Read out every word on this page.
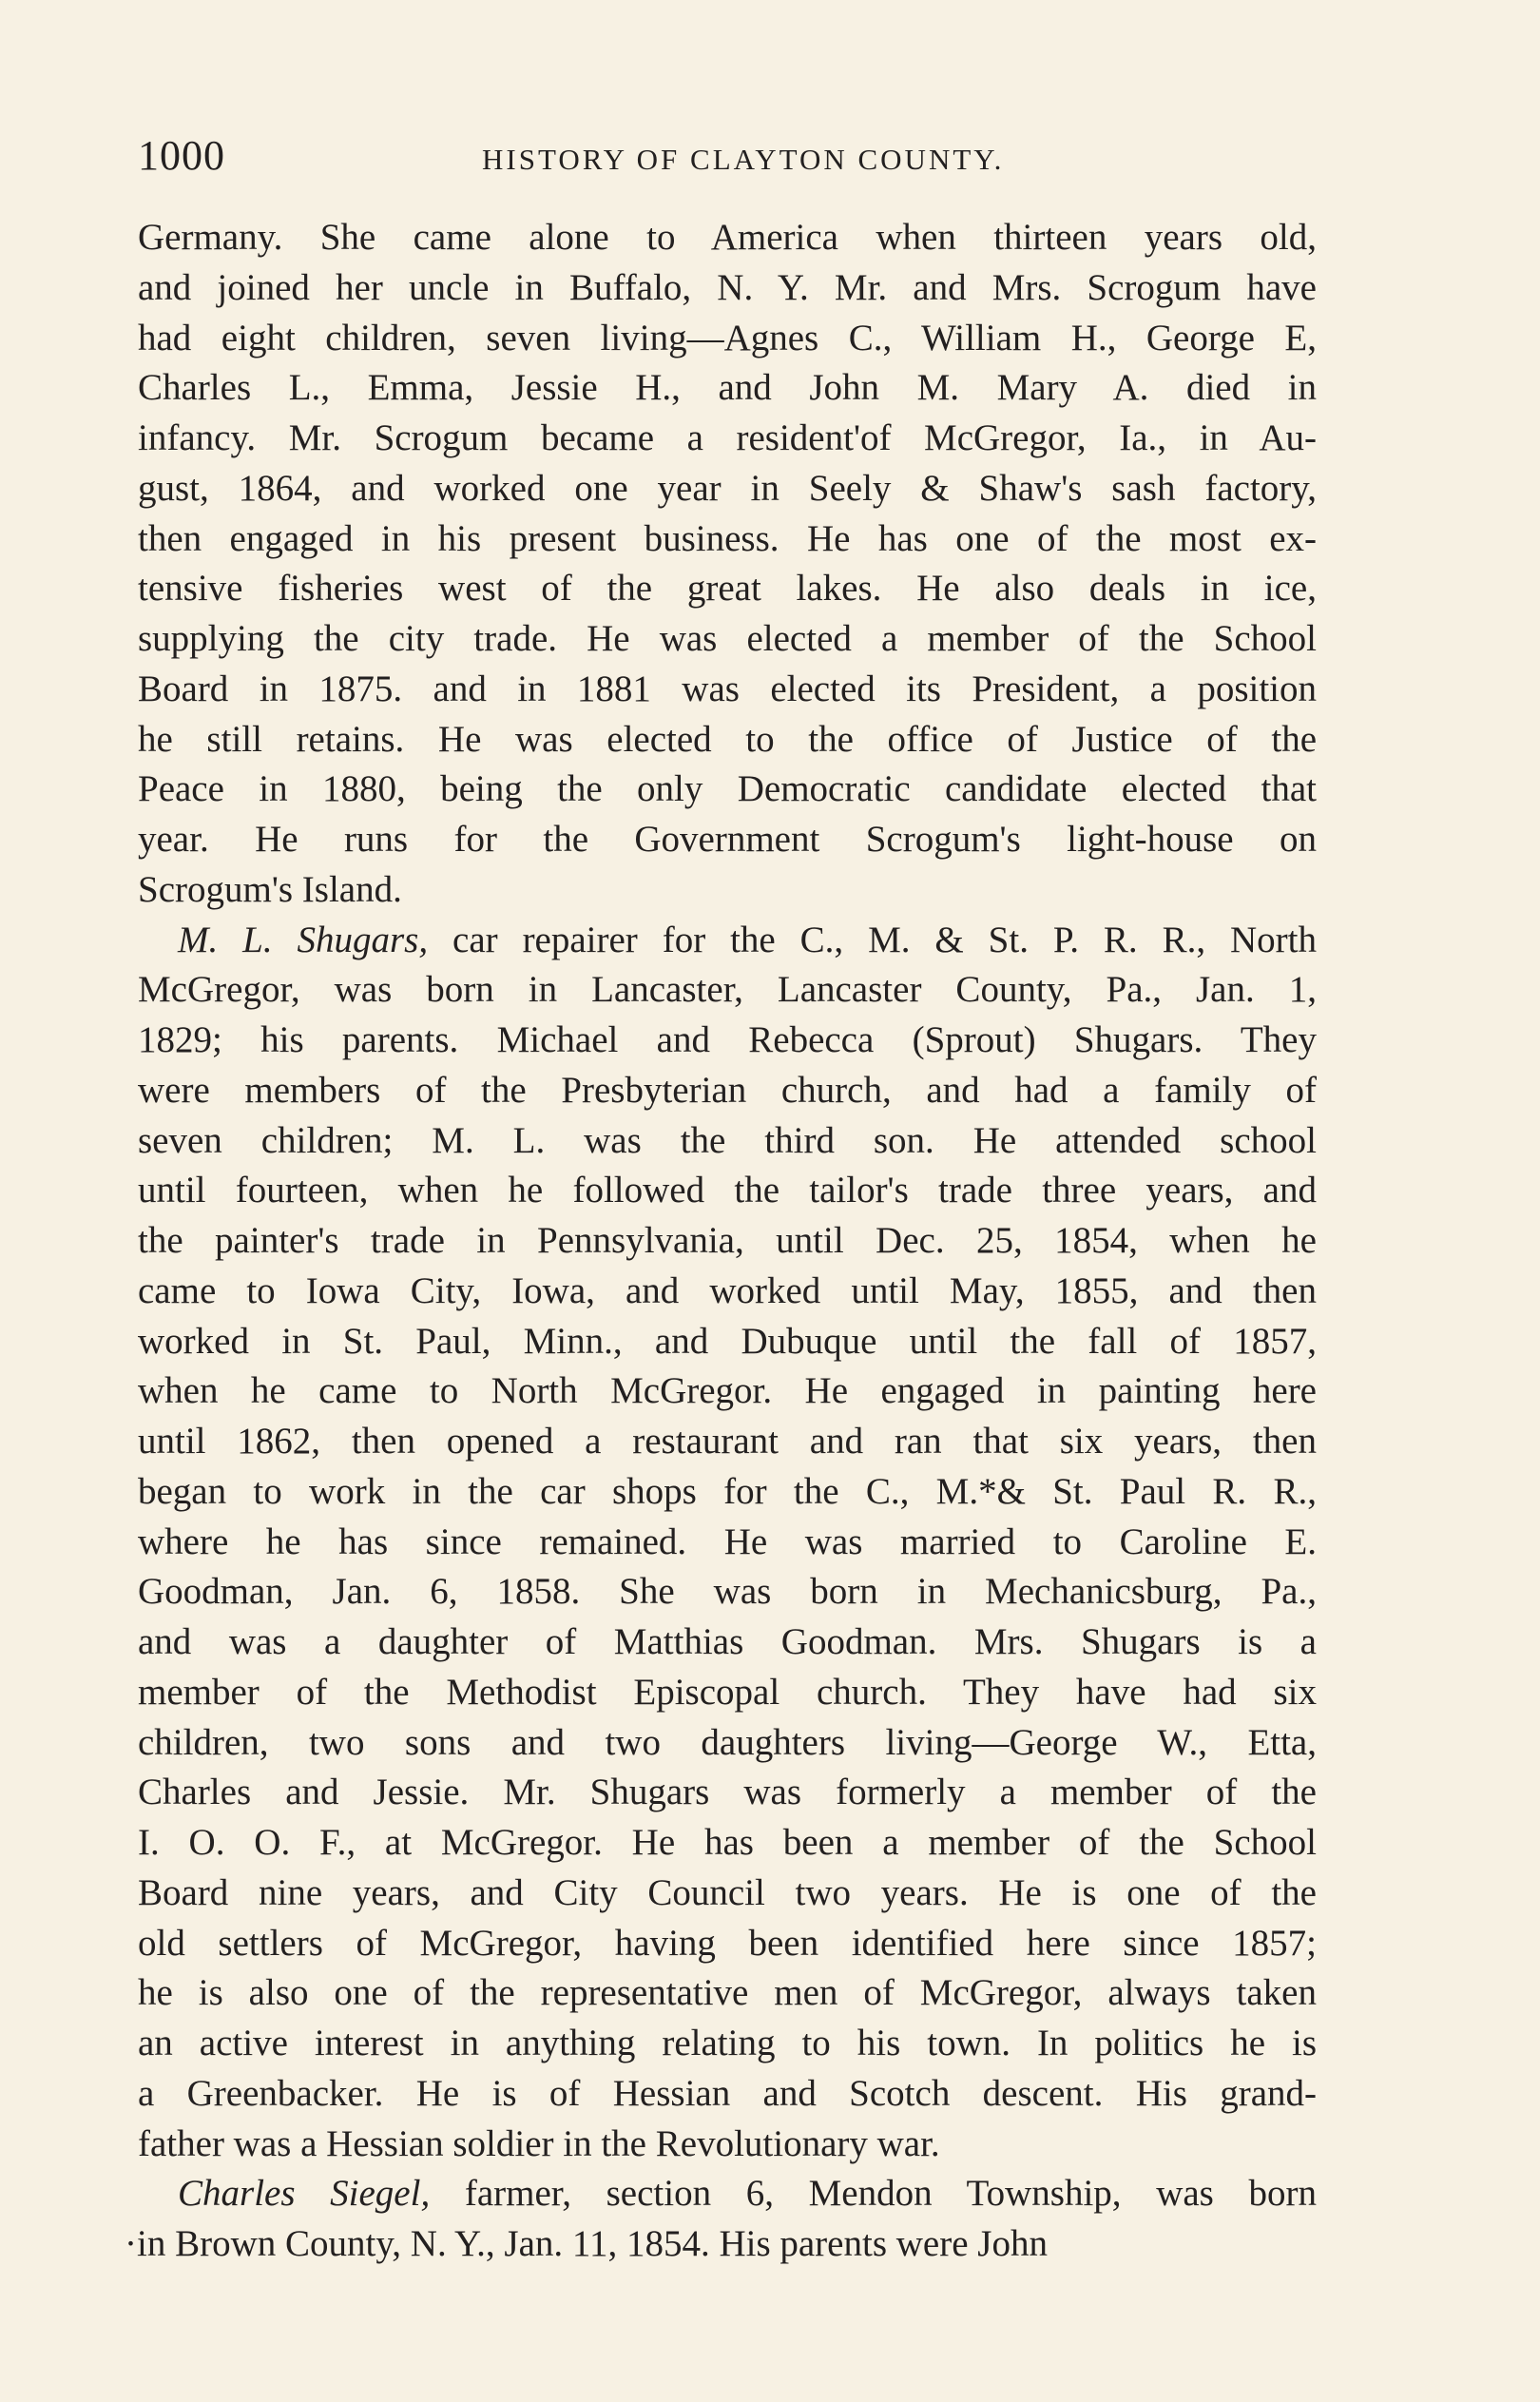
1000	HISTORY OF CLAYTON COUNTY.
Germany. She came alone to America when thirteen years old,
and joined her uncle in Buffalo, N. Y. Mr. and Mrs. Scrogum have
had eight children, seven living—Agnes C., William H., George E,
Charles L., Emma, Jessie H., and John M. Mary A. died in
infancy. Mr. Scrogum became a resident'of McGregor, Ia., in Au-
gust, 1864, and worked one year in Seely & Shaw's sash factory,
then engaged in his present business. He has one of the most ex-
tensive fisheries west of the great lakes. He also deals in ice,
supplying the city trade. He was elected a member of the School
Board in 1875. and in 1881 was elected its President, a position
he still retains. He was elected to the office of Justice of the
Peace in 1880, being the only Democratic candidate elected that
year. He runs for the Government Scrogum's light-house on
Scrogum's Island.
M. L. Shugars, car repairer for the C., M. & St. P. R. R., North
McGregor, was born in Lancaster, Lancaster County, Pa., Jan. 1,
1829; his parents. Michael and Rebecca (Sprout) Shugars. They
were members of the Presbyterian church, and had a family of
seven children; M. L. was the third son. He attended school
until fourteen, when he followed the tailor's trade three years, and
the painter's trade in Pennsylvania, until Dec. 25, 1854, when he
came to Iowa City, Iowa, and worked until May, 1855, and then
worked in St. Paul, Minn., and Dubuque until the fall of 1857,
when he came to North McGregor. He engaged in painting here
until 1862, then opened a restaurant and ran that six years, then
began to work in the car shops for the C., M.*& St. Paul R. R.,
where he has since remained. He was married to Caroline E.
Goodman, Jan. 6, 1858. She was born in Mechanicsburg, Pa.,
and was a daughter of Matthias Goodman. Mrs. Shugars is a
member of the Methodist Episcopal church. They have had six
children, two sons and two daughters living—George W., Etta,
Charles and Jessie. Mr. Shugars was formerly a member of the
I. O. O. F., at McGregor. He has been a member of the School
Board nine years, and City Council two years. He is one of the
old settlers of McGregor, having been identified here since 1857;
he is also one of the representative men of McGregor, always taken
an active interest in anything relating to his town. In politics he is
a Greenbacker. He is of Hessian and Scotch descent. His grand-
father was a Hessian soldier in the Revolutionary war.
Charles Siegel, farmer, section 6, Mendon Township, was born
·in Brown County, N. Y., Jan. 11, 1854. His parents were John
